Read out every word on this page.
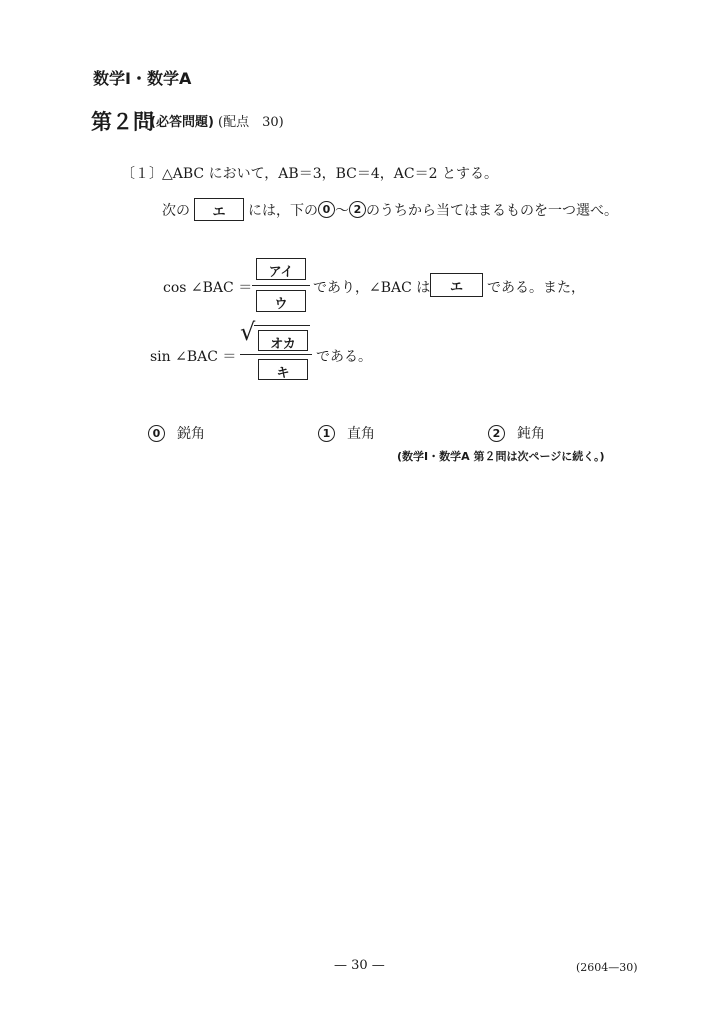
数学Ⅰ・数学A
第２問
(必答問題) (配点　30)
〔１〕 △ABC において，AB＝3，BC＝4，AC＝2 とする。
次の	エ	には，下の 0 ～ 2 のうちから当てはまるものを一つ選べ。
cos ∠BAC ＝
アイ
ウ
であり，∠BAC は	エ	である。また，
sin ∠BAC ＝
√	オカ
キ
である。
0	鋭角	1	直角	2	鈍角
(数学Ⅰ・数学A 第２問は次ページに続く。)
— 30 —	(2604—30)
